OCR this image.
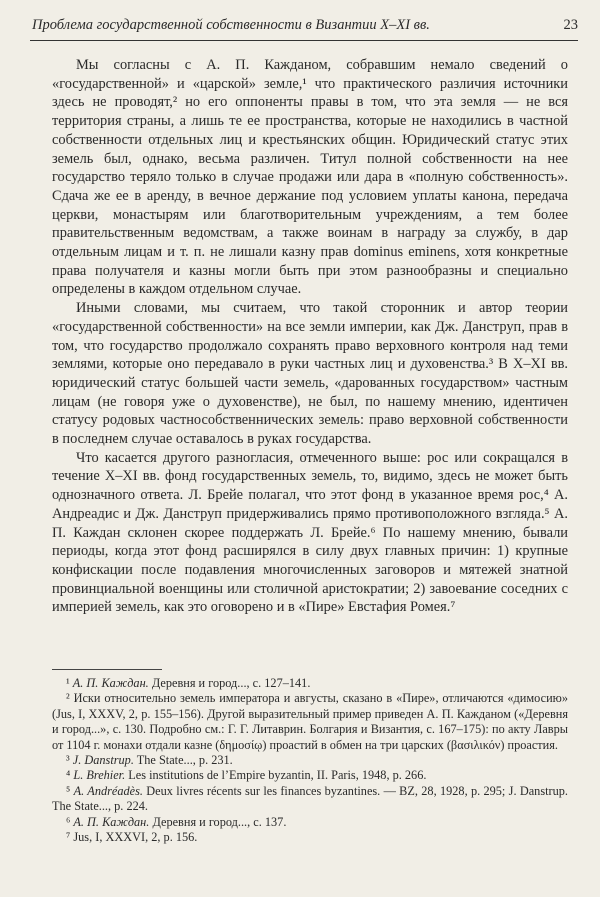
Проблема государственной собственности в Византии X–XI вв.	23

Мы согласны с А. П. Кажданом, собравшим немало сведений о «государственной» и «царской» земле,¹ что практического различия источники здесь не проводят,² но его оппоненты правы в том, что эта земля — не вся территория страны, а лишь те ее пространства, которые не находились в частной собственности отдельных лиц и крестьянских общин. Юридический статус этих земель был, однако, весьма различен. Титул полной собственности на нее государство теряло только в случае продажи или дара в «полную собственность». Сдача же ее в аренду, в вечное держание под условием уплаты канона, передача церкви, монастырям или благотворительным учреждениям, а тем более правительственным ведомствам, а также воинам в награду за службу, в дар отдельным лицам и т. п. не лишали казну прав dominus eminens, хотя конкретные права получателя и казны могли быть при этом разнообразны и специально определены в каждом отдельном случае.

Иными словами, мы считаем, что такой сторонник и автор теории «государственной собственности» на все земли империи, как Дж. Данструп, прав в том, что государство продолжало сохранять право верховного контроля над теми землями, которые оно передавало в руки частных лиц и духовенства.³ В X–XI вв. юридический статус большей части земель, «дарованных государством» частным лицам (не говоря уже о духовенстве), не был, по нашему мнению, идентичен статусу родовых частнособственнических земель: право верховной собственности в последнем случае оставалось в руках государства.

Что касается другого разногласия, отмеченного выше: рос или сокращался в течение X–XI вв. фонд государственных земель, то, видимо, здесь не может быть однозначного ответа. Л. Брейе полагал, что этот фонд в указанное время рос,⁴ А. Андреадис и Дж. Данструп придерживались прямо противоположного взгляда.⁵ А. П. Каждан склонен скорее поддержать Л. Брейе.⁶ По нашему мнению, бывали периоды, когда этот фонд расширялся в силу двух главных причин: 1) крупные конфискации после подавления многочисленных заговоров и мятежей знатной провинциальной военщины или столичной аристократии; 2) завоевание соседних с империей земель, как это оговорено и в «Пире» Евстафия Ромея.⁷

¹ А. П. Каждан. Деревня и город..., с. 127–141.

² Иски относительно земель императора и августы, сказано в «Пире», отличаются «димосию» (Jus, I, XXXV, 2, p. 155–156). Другой выразительный пример приведен А. П. Кажданом («Деревня и город...», с. 130. Подробно см.: Г. Г. Литаврин. Болгария и Византия, с. 167–175): по акту Лавры от 1104 г. монахи отдали казне (δημοσίῳ) проастий в обмен на три царских (βασιλικόν) проастия.

³ J. Danstrup. The State..., p. 231.

⁴ L. Brehier. Les institutions de l’Empire byzantin, II. Paris, 1948, p. 266.

⁵ A. Andréadès. Deux livres récents sur les finances byzantines. — BZ, 28, 1928, p. 295; J. Danstrup. The State..., p. 224.

⁶ А. П. Каждан. Деревня и город..., с. 137.

⁷ Jus, I, XXXVI, 2, p. 156.
